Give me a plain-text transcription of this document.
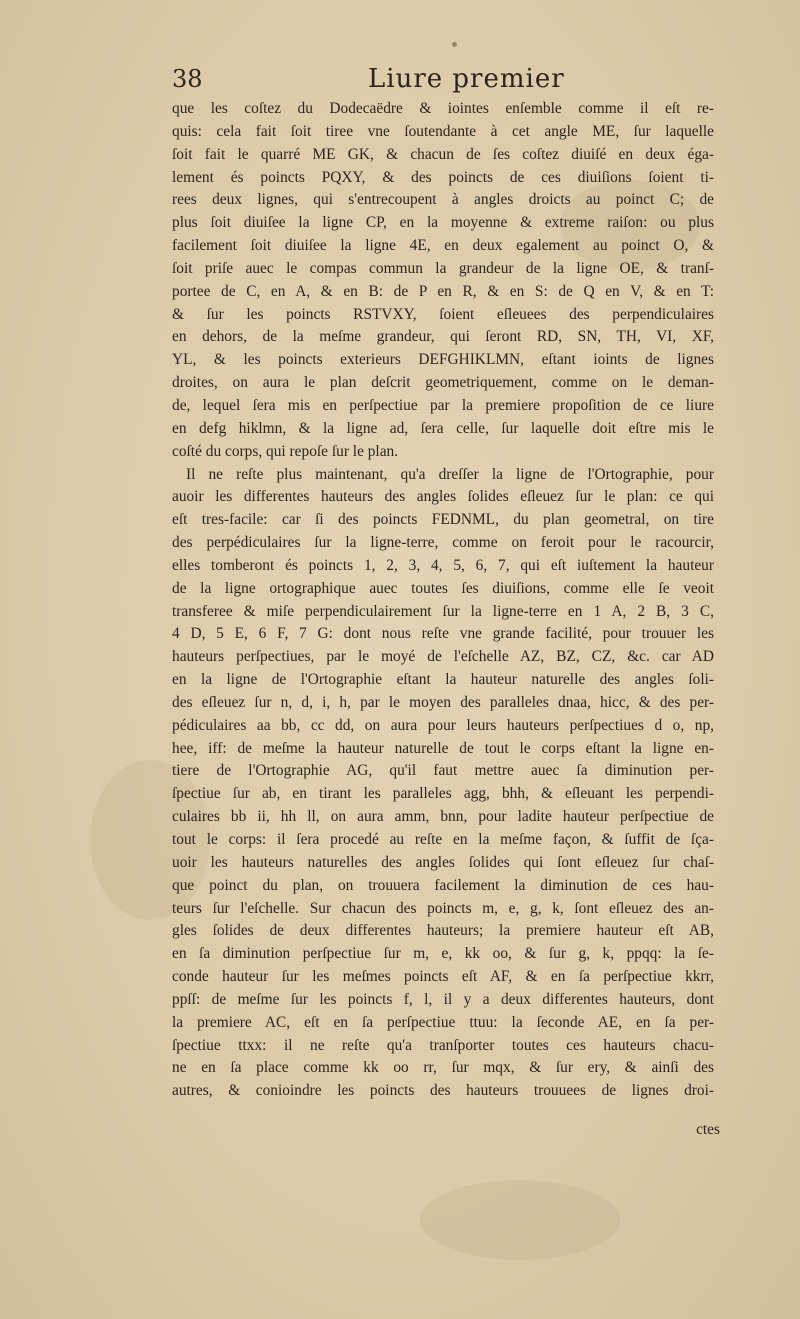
38	Liure premier
que les coſtez du Dodecaëdre & iointes enſemble comme il eſt re-
quis: cela fait ſoit tiree vne ſoutendante à cet angle ME, ſur laquelle
ſoit fait le quarré ME GK, & chacun de ſes coſtez diuiſé en deux éga-
lement és poincts PQXY, & des poincts de ces diuiſions ſoient ti-
rees deux lignes, qui s'entrecoupent à angles droicts au poinct C; de
plus ſoit diuiſee la ligne CP, en la moyenne & extreme raiſon: ou plus
facilement ſoit diuiſee la ligne 4E, en deux egalement au poinct O, &
ſoit priſe auec le compas commun la grandeur de la ligne OE, & tranſ-
portee de C, en A, & en B: de P en R, & en S: de Q en V, & en T:
& ſur les poincts RSTVXY, ſoient eſleuees des perpendiculaires
en dehors, de la meſme grandeur, qui ſeront RD, SN, TH, VI, XF,
YL, & les poincts exterieurs DEFGHIKLMN, eſtant ioints de lignes
droites, on aura le plan deſcrit geometriquement, comme on le deman-
de, lequel ſera mis en perſpectiue par la premiere propoſition de ce liure
en defg hiklmn, & la ligne ad, ſera celle, ſur laquelle doit eſtre mis le
coſté du corps, qui repoſe ſur le plan.
Il ne reſte plus maintenant, qu'a dreſſer la ligne de l'Ortographie, pour
auoir les differentes hauteurs des angles ſolides eſleuez ſur le plan: ce qui
eſt tres-facile: car ſi des poincts FEDNML, du plan geometral, on tire
des perpédiculaires ſur la ligne-terre, comme on feroit pour le racourcir,
elles tomberont és poincts 1, 2, 3, 4, 5, 6, 7, qui eſt iuſtement la hauteur
de la ligne ortographique auec toutes ſes diuiſions, comme elle ſe veoit
transferee & miſe perpendiculairement ſur la ligne-terre en 1 A, 2 B, 3 C,
4 D, 5 E, 6 F, 7 G: dont nous reſte vne grande facilité, pour trouuer les
hauteurs perſpectiues, par le moyé de l'eſchelle AZ, BZ, CZ, &c. car AD
en la ligne de l'Ortographie eſtant la hauteur naturelle des angles ſoli-
des eſleuez ſur n, d, i, h, par le moyen des paralleles dnaa, hicc, & des per-
pédiculaires aa bb, cc dd, on aura pour leurs hauteurs perſpectiues d o, np,
hee, iff: de meſme la hauteur naturelle de tout le corps eſtant la ligne en-
tiere de l'Ortographie AG, qu'il faut mettre auec ſa diminution per-
ſpectiue ſur ab, en tirant les paralleles agg, bhh, & eſleuant les perpendi-
culaires bb ii, hh ll, on aura amm, bnn, pour ladite hauteur perſpectiue de
tout le corps: il ſera procedé au reſte en la meſme façon, & ſuffit de ſça-
uoir les hauteurs naturelles des angles ſolides qui ſont eſleuez ſur chaſ-
que poinct du plan, on trouuera facilement la diminution de ces hau-
teurs ſur l'eſchelle. Sur chacun des poincts m, e, g, k, ſont eſleuez des an-
gles ſolides de deux differentes hauteurs; la premiere hauteur eſt AB,
en ſa diminution perſpectiue ſur m, e, kk oo, & ſur g, k, ppqq: la ſe-
conde hauteur ſur les meſmes poincts eſt AF, & en ſa perſpectiue kkrr,
ppſſ: de meſme ſur les poincts f, l, il y a deux differentes hauteurs, dont
la premiere AC, eſt en ſa perſpectiue ttuu: la ſeconde AE, en ſa per-
ſpectiue ttxx: il ne reſte qu'a tranſporter toutes ces hauteurs chacu-
ne en ſa place comme kk oo rr, ſur mqx, & ſur ery, & ainſi des
autres, & conioindre les poincts des hauteurs trouuees de lignes droi-
ctes
